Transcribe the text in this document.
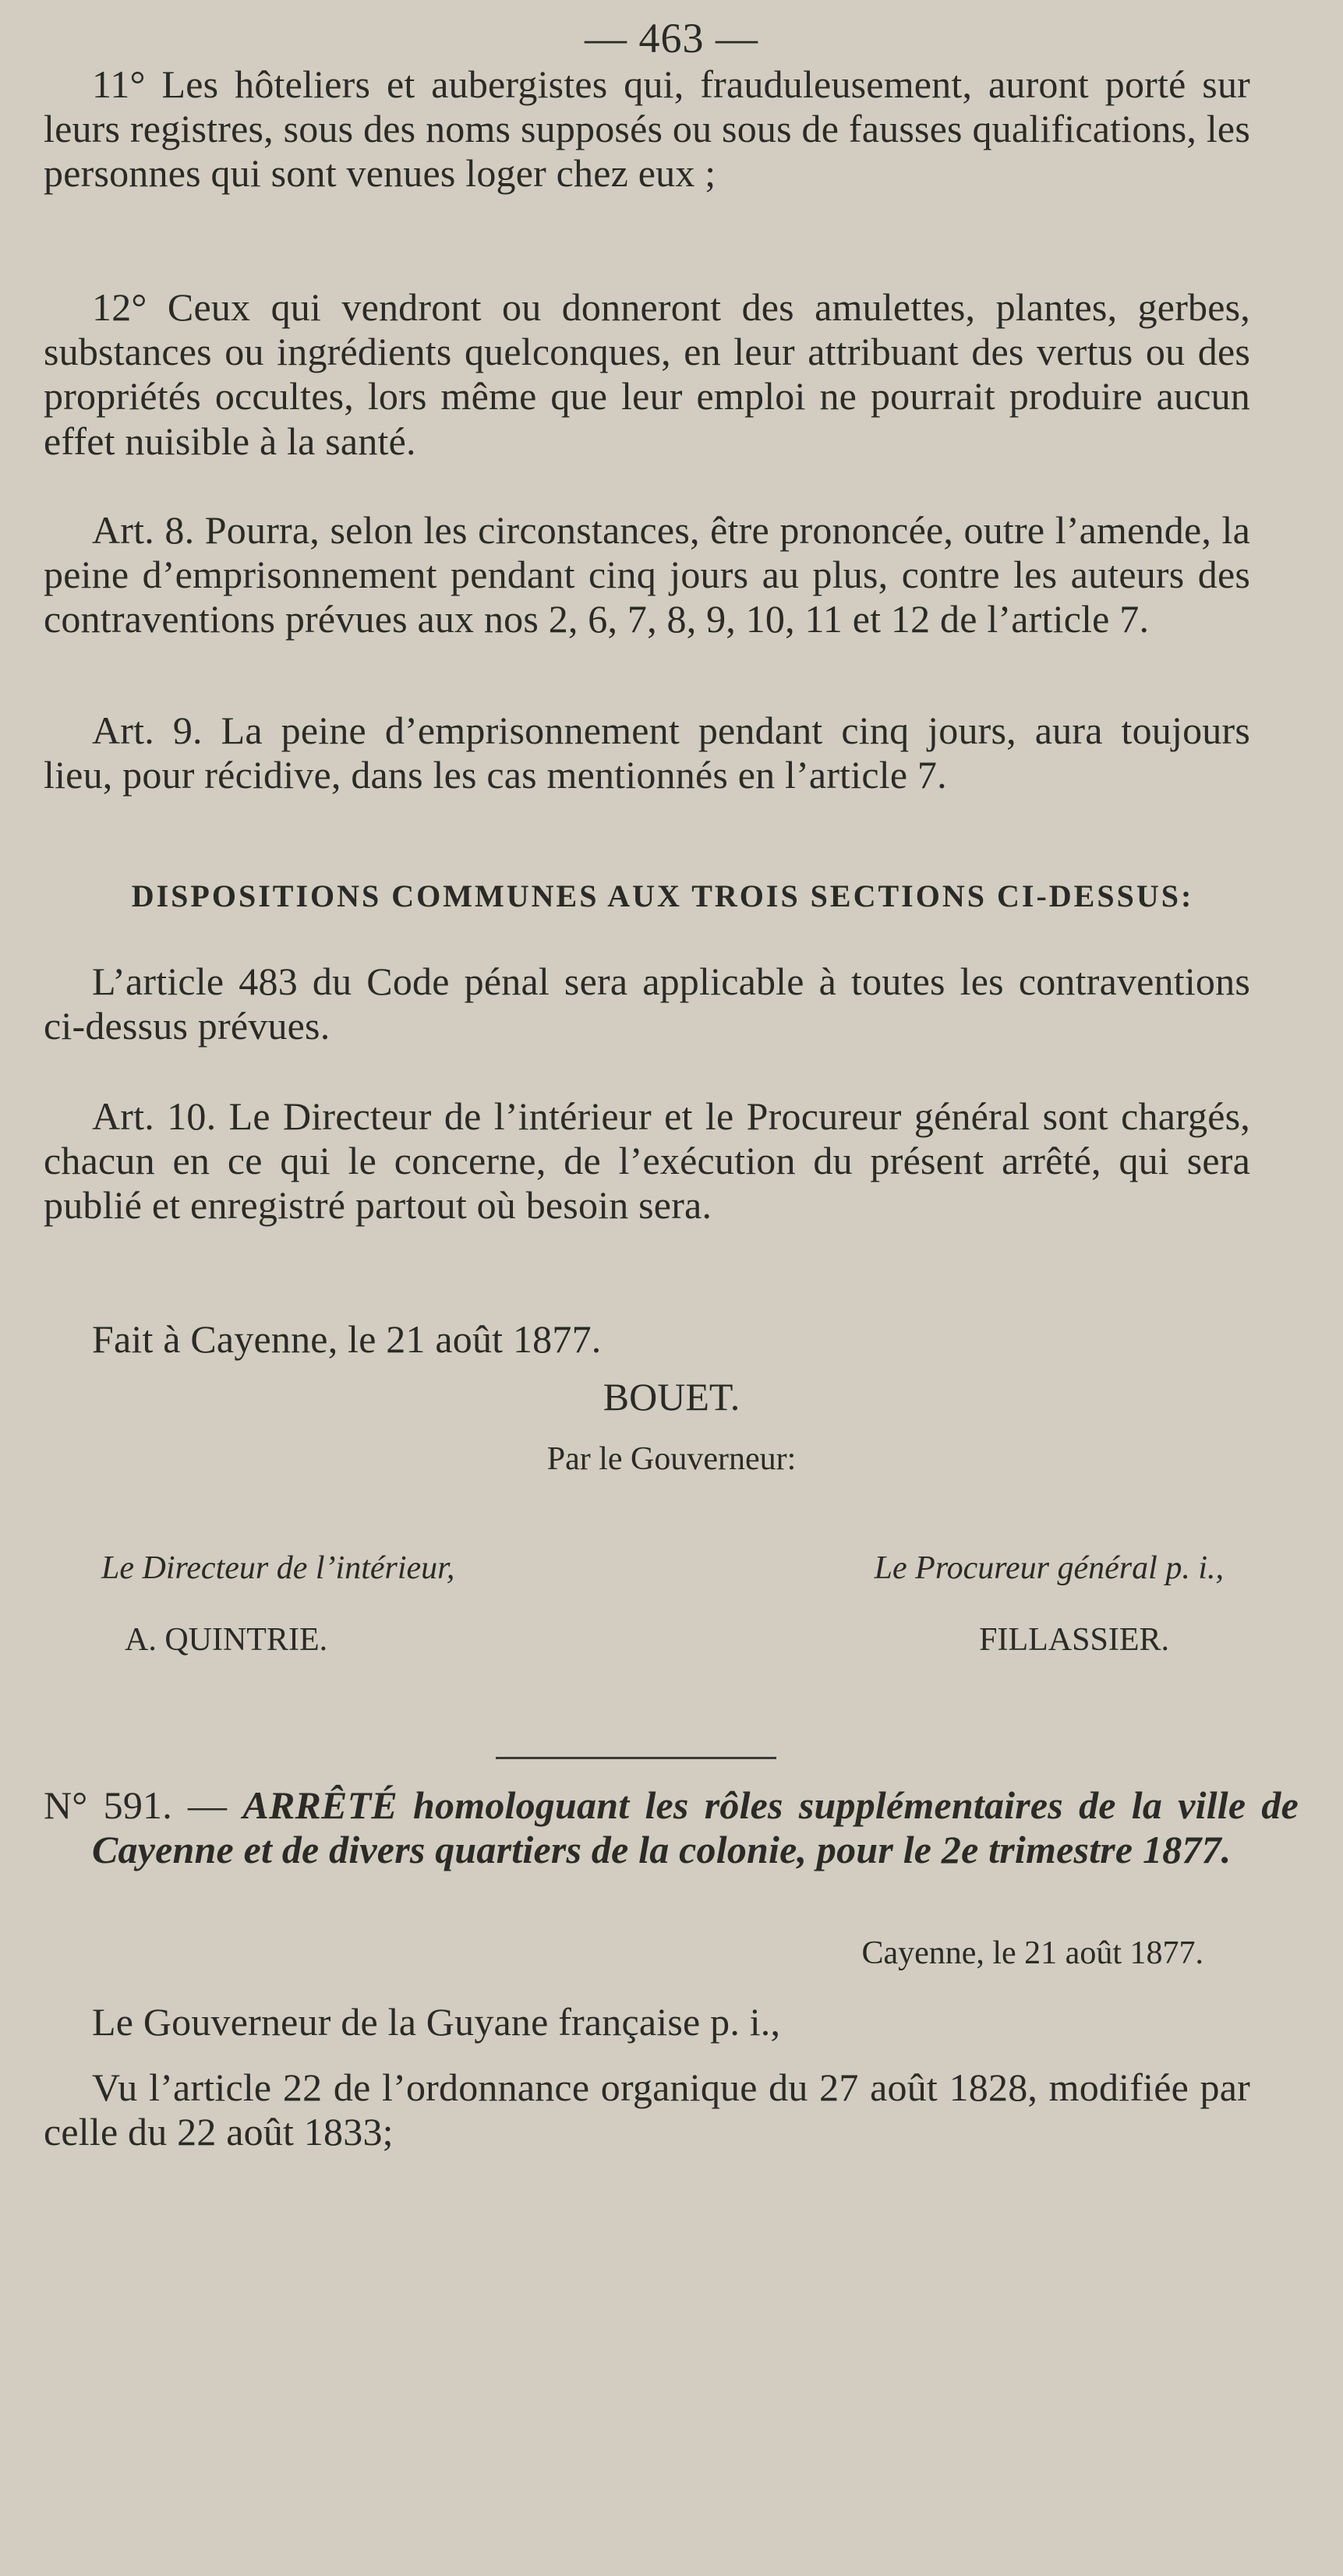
— 463 —

11° Les hôteliers et aubergistes qui, frauduleusement, auront porté sur leurs registres, sous des noms supposés ou sous de fausses qualifications, les personnes qui sont venues loger chez eux ;

12° Ceux qui vendront ou donneront des amulettes, plantes, gerbes, substances ou ingrédients quelconques, en leur attribuant des vertus ou des propriétés occultes, lors même que leur emploi ne pourrait produire aucun effet nuisible à la santé.

Art. 8. Pourra, selon les circonstances, être prononcée, outre l’amende, la peine d’emprisonnement pendant cinq jours au plus, contre les auteurs des contraventions prévues aux nos 2, 6, 7, 8, 9, 10, 11 et 12 de l’article 7.

Art. 9. La peine d’emprisonnement pendant cinq jours, aura toujours lieu, pour récidive, dans les cas mentionnés en l’article 7.

DISPOSITIONS COMMUNES AUX TROIS SECTIONS CI-DESSUS:

L’article 483 du Code pénal sera applicable à toutes les contraventions ci-dessus prévues.

Art. 10. Le Directeur de l’intérieur et le Procureur général sont chargés, chacun en ce qui le concerne, de l’exécution du présent arrêté, qui sera publié et enregistré partout où besoin sera.

Fait à Cayenne, le 21 août 1877.

BOUET.

Par le Gouverneur:

Le Directeur de l’intérieur,	Le Procureur général p. i.,
A. QUINTRIE.	FILLASSIER.

N° 591. — ARRÊTÉ homologuant les rôles supplémentaires de la ville de Cayenne et de divers quartiers de la colonie, pour le 2e trimestre 1877.

Cayenne, le 21 août 1877.

Le Gouverneur de la Guyane française p. i.,

Vu l’article 22 de l’ordonnance organique du 27 août 1828, modifiée par celle du 22 août 1833;
